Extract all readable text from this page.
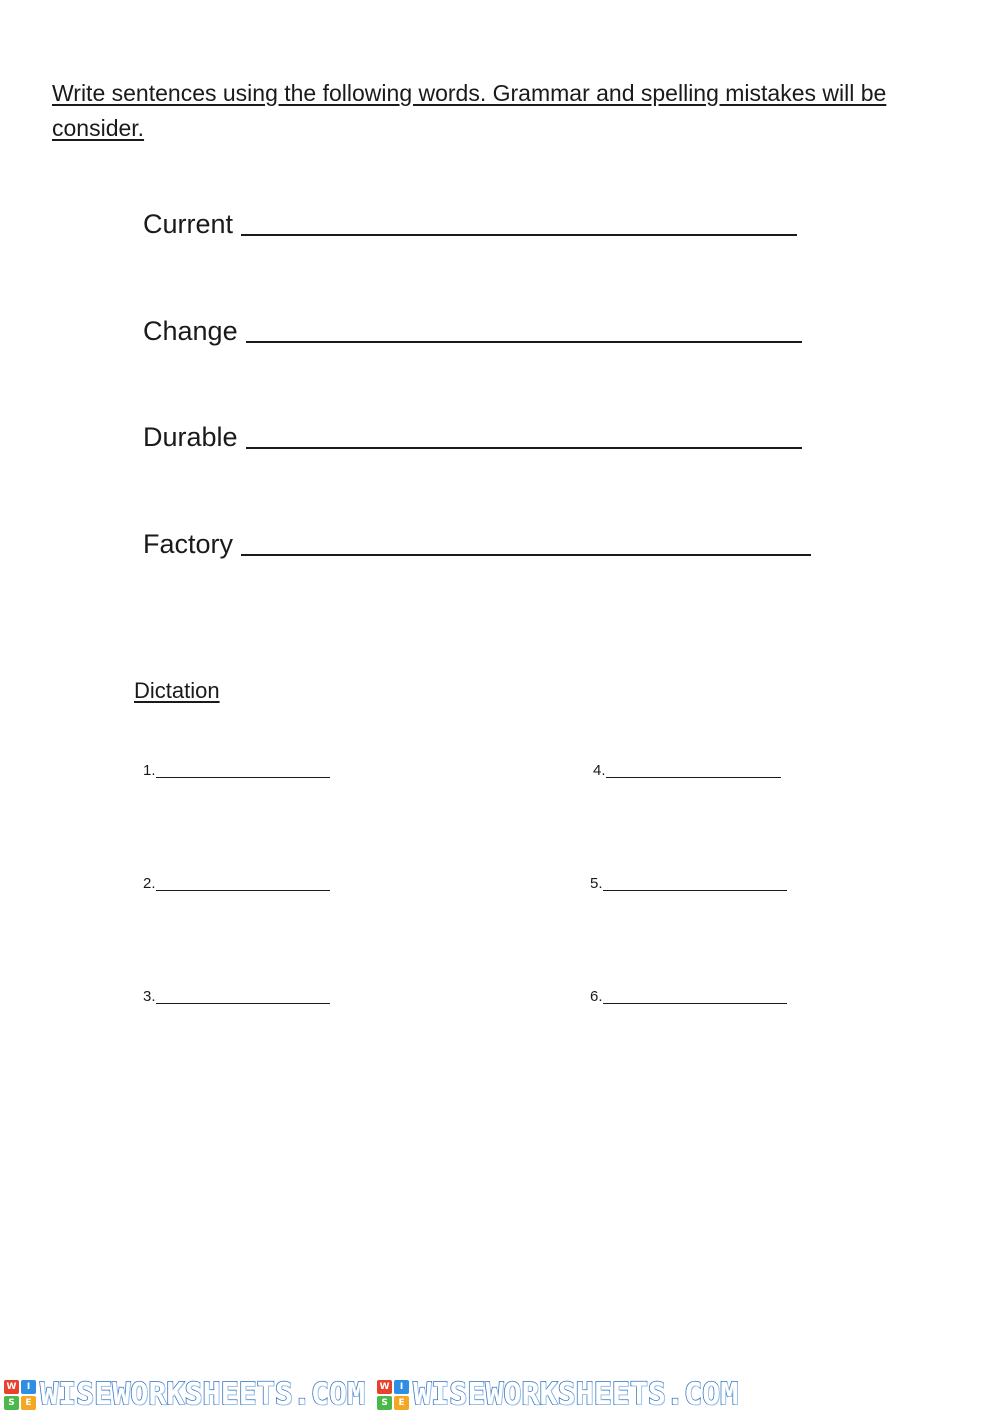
Write sentences using the following words. Grammar and spelling mistakes will be consider.
Current
Change
Durable
Factory
Dictation
1.
2.
3.
4.
5.
6.
W	I
S	E WISEWORKSHEETS.COM W	I
S	E WISEWORKSHEETS.COM
